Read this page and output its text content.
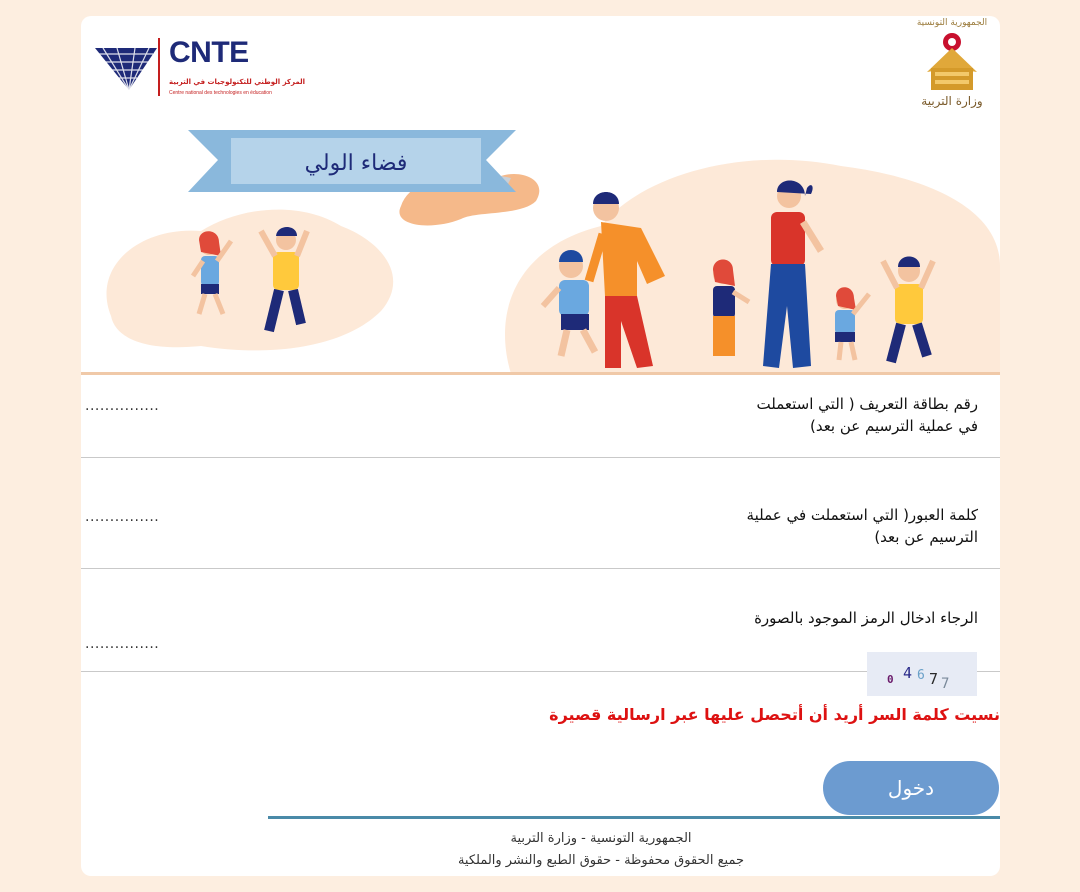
CNTE
المركز الوطني للتكنولوجيات في التربية
Centre national des technologies en éducation
الجمهورية التونسية
وزارة التربية
فضاء الولي
رقم بطاقة التعريف ( التي استعملت في عملية الترسيم عن بعد)
...............
كلمة العبور( التي استعملت في عملية الترسيم عن بعد)
...............
الرجاء ادخال الرمز الموجود بالصورة
...............
0 4 6 7 7
نسيت كلمة السر أريد أن أتحصل عليها عبر ارسالية قصيرة
دخول
الجمهورية التونسية - وزارة التربية
جميع الحقوق محفوظة - حقوق الطبع والنشر والملكية
